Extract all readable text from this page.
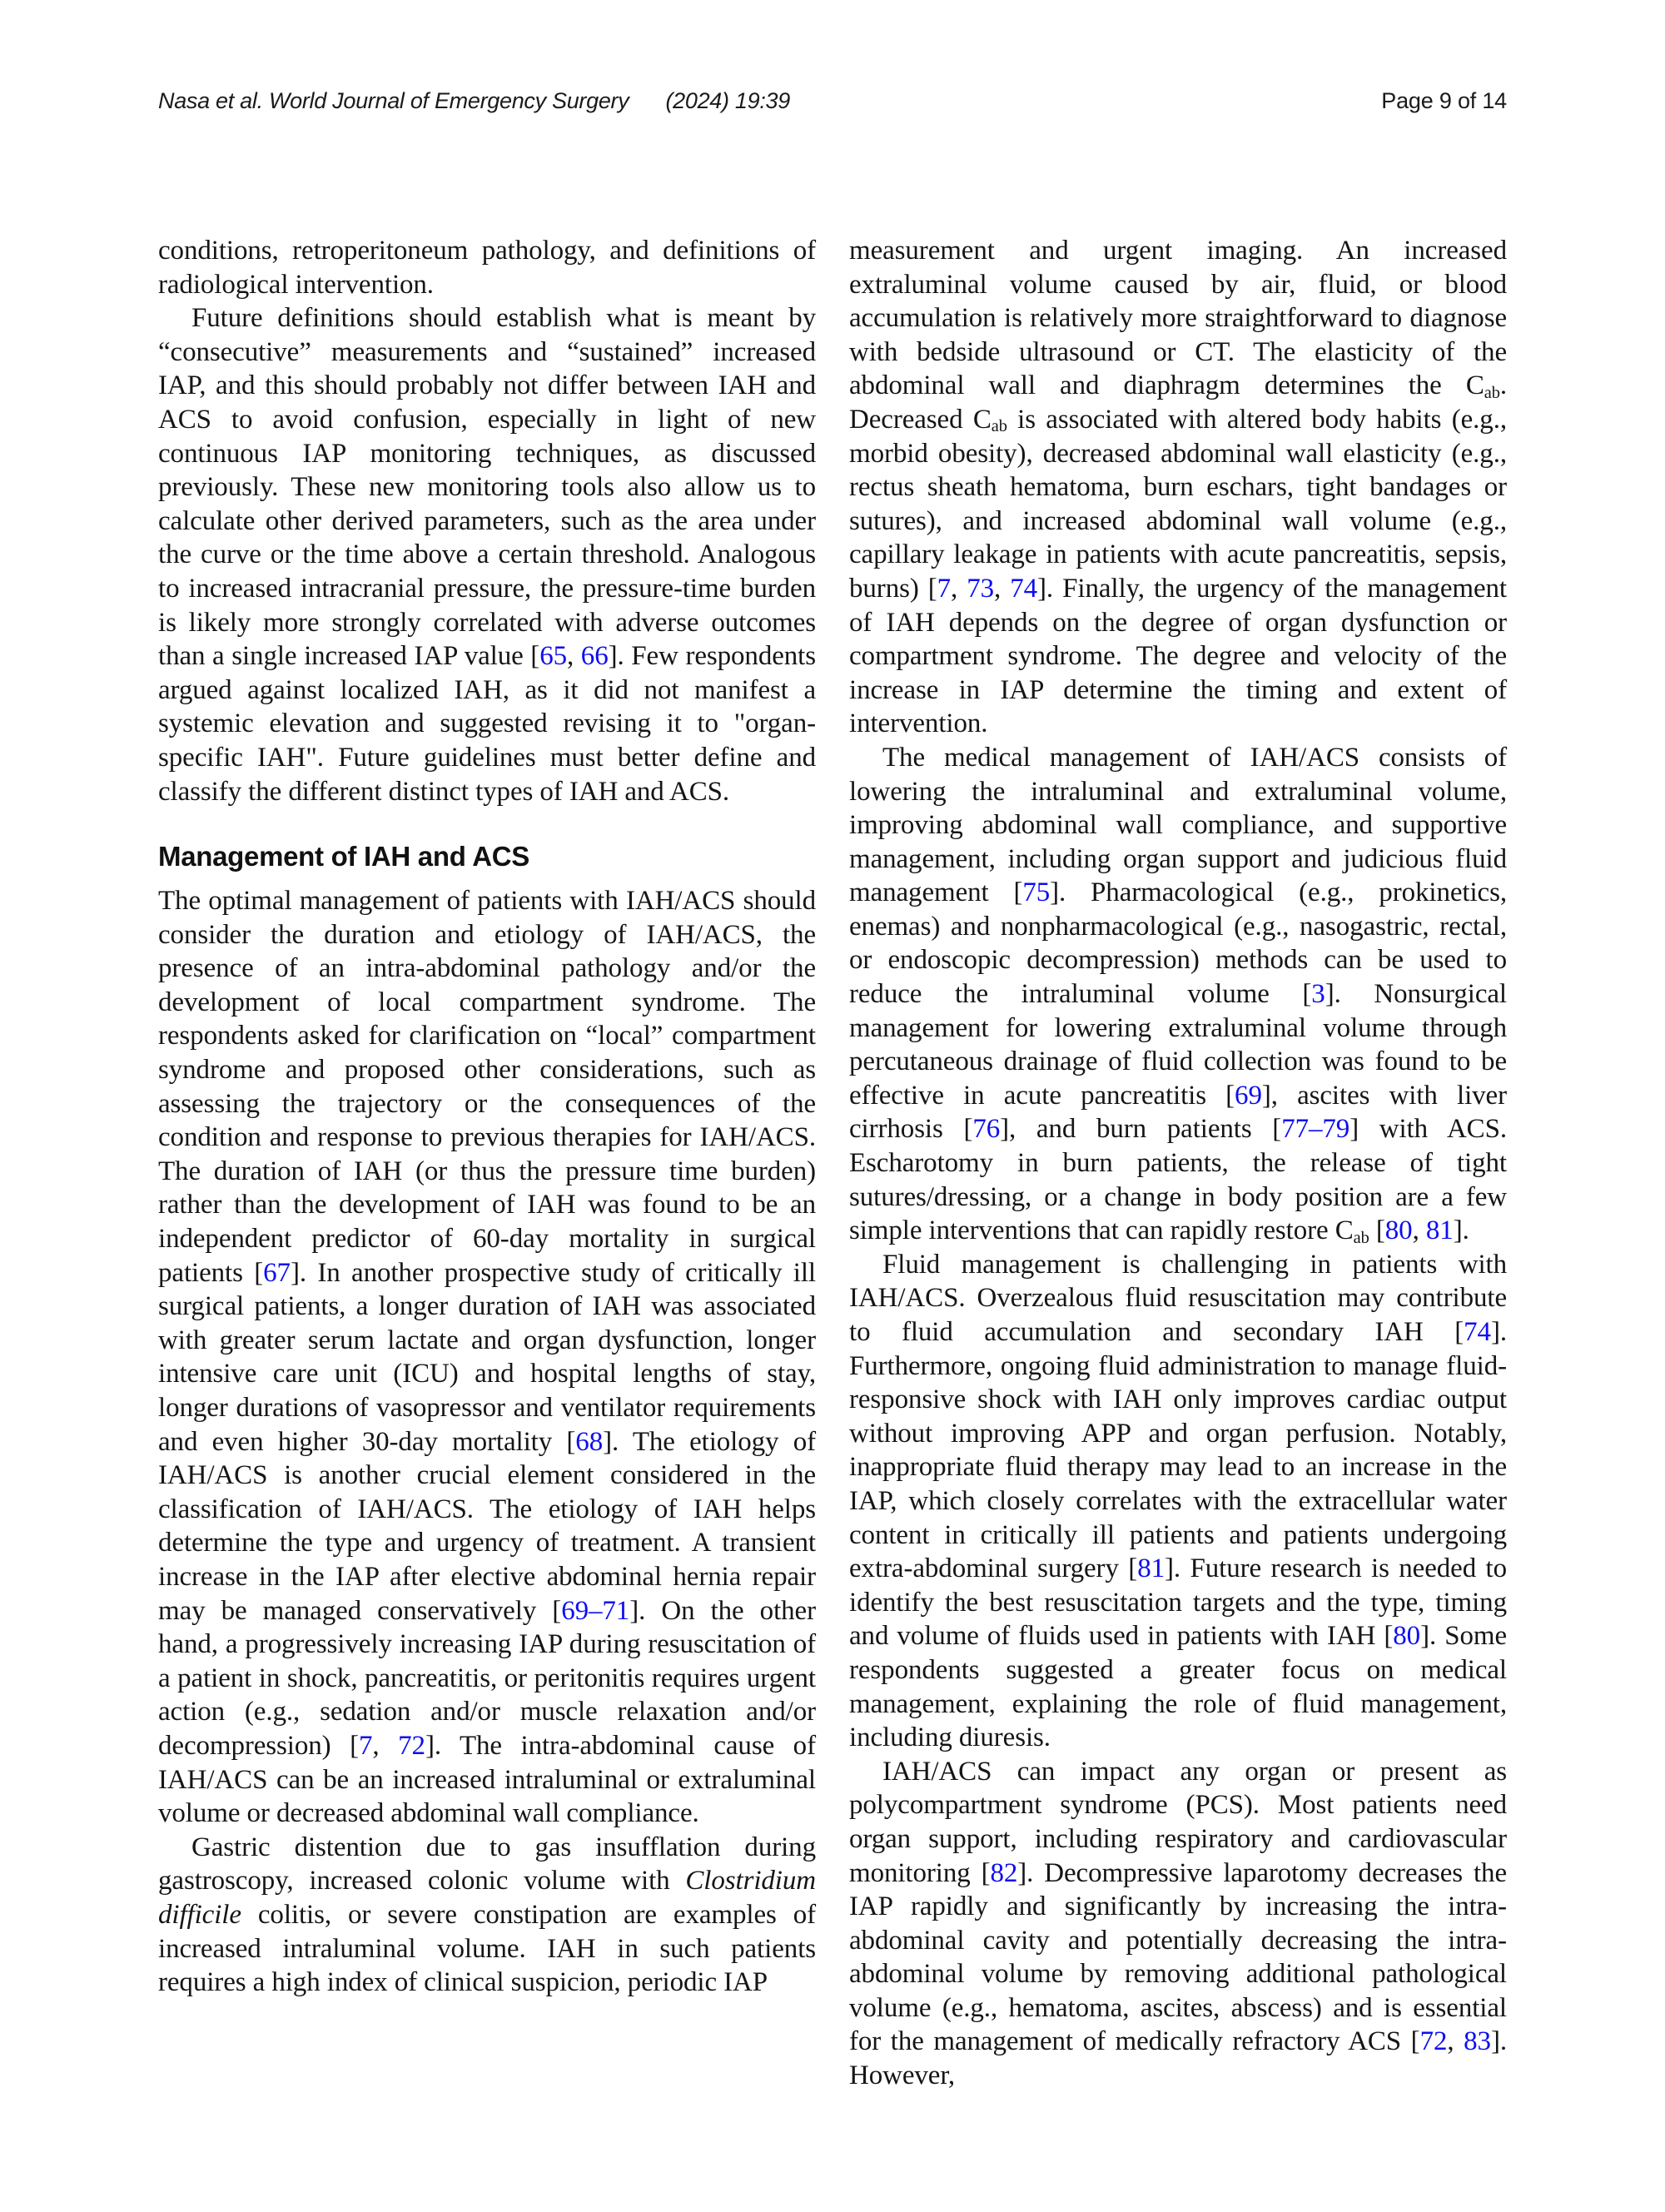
Nasa et al. World Journal of Emergency Surgery (2024) 19:39	Page 9 of 14

conditions, retroperitoneum pathology, and definitions of radiological intervention.

Future definitions should establish what is meant by “consecutive” measurements and “sustained” increased IAP, and this should probably not differ between IAH and ACS to avoid confusion, especially in light of new continuous IAP monitoring techniques, as discussed previously. These new monitoring tools also allow us to calculate other derived parameters, such as the area under the curve or the time above a certain threshold. Analogous to increased intracranial pressure, the pressure-time burden is likely more strongly correlated with adverse outcomes than a single increased IAP value [65, 66]. Few respondents argued against localized IAH, as it did not manifest a systemic elevation and suggested revising it to "organ-specific IAH". Future guidelines must better define and classify the different distinct types of IAH and ACS.

Management of IAH and ACS

The optimal management of patients with IAH/ACS should consider the duration and etiology of IAH/ACS, the presence of an intra-abdominal pathology and/or the development of local compartment syndrome. The respondents asked for clarification on “local” compartment syndrome and proposed other considerations, such as assessing the trajectory or the consequences of the condition and response to previous therapies for IAH/ACS. The duration of IAH (or thus the pressure time burden) rather than the development of IAH was found to be an independent predictor of 60-day mortality in surgical patients [67]. In another prospective study of critically ill surgical patients, a longer duration of IAH was associated with greater serum lactate and organ dysfunction, longer intensive care unit (ICU) and hospital lengths of stay, longer durations of vasopressor and ventilator requirements and even higher 30-day mortality [68]. The etiology of IAH/ACS is another crucial element considered in the classification of IAH/ACS. The etiology of IAH helps determine the type and urgency of treatment. A transient increase in the IAP after elective abdominal hernia repair may be managed conservatively [69–71]. On the other hand, a progressively increasing IAP during resuscitation of a patient in shock, pancreatitis, or peritonitis requires urgent action (e.g., sedation and/or muscle relaxation and/or decompression) [7, 72]. The intra-abdominal cause of IAH/ACS can be an increased intraluminal or extraluminal volume or decreased abdominal wall compliance.

Gastric distention due to gas insufflation during gastroscopy, increased colonic volume with Clostridium difficile colitis, or severe constipation are examples of increased intraluminal volume. IAH in such patients requires a high index of clinical suspicion, periodic IAP

measurement and urgent imaging. An increased extraluminal volume caused by air, fluid, or blood accumulation is relatively more straightforward to diagnose with bedside ultrasound or CT. The elasticity of the abdominal wall and diaphragm determines the $C_{ab}$. Decreased $C_{ab}$ is associated with altered body habits (e.g., morbid obesity), decreased abdominal wall elasticity (e.g., rectus sheath hematoma, burn eschars, tight bandages or sutures), and increased abdominal wall volume (e.g., capillary leakage in patients with acute pancreatitis, sepsis, burns) [7, 73, 74]. Finally, the urgency of the management of IAH depends on the degree of organ dysfunction or compartment syndrome. The degree and velocity of the increase in IAP determine the timing and extent of intervention.

The medical management of IAH/ACS consists of lowering the intraluminal and extraluminal volume, improving abdominal wall compliance, and supportive management, including organ support and judicious fluid management [75]. Pharmacological (e.g., prokinetics, enemas) and nonpharmacological (e.g., nasogastric, rectal, or endoscopic decompression) methods can be used to reduce the intraluminal volume [3]. Nonsurgical management for lowering extraluminal volume through percutaneous drainage of fluid collection was found to be effective in acute pancreatitis [69], ascites with liver cirrhosis [76], and burn patients [77–79] with ACS. Escharotomy in burn patients, the release of tight sutures/dressing, or a change in body position are a few simple interventions that can rapidly restore $C_{ab}$ [80, 81].

Fluid management is challenging in patients with IAH/ACS. Overzealous fluid resuscitation may contribute to fluid accumulation and secondary IAH [74]. Furthermore, ongoing fluid administration to manage fluid-responsive shock with IAH only improves cardiac output without improving APP and organ perfusion. Notably, inappropriate fluid therapy may lead to an increase in the IAP, which closely correlates with the extracellular water content in critically ill patients and patients undergoing extra-abdominal surgery [81]. Future research is needed to identify the best resuscitation targets and the type, timing and volume of fluids used in patients with IAH [80]. Some respondents suggested a greater focus on medical management, explaining the role of fluid management, including diuresis.

IAH/ACS can impact any organ or present as polycompartment syndrome (PCS). Most patients need organ support, including respiratory and cardiovascular monitoring [82]. Decompressive laparotomy decreases the IAP rapidly and significantly by increasing the intra-abdominal cavity and potentially decreasing the intra-abdominal volume by removing additional pathological volume (e.g., hematoma, ascites, abscess) and is essential for the management of medically refractory ACS [72, 83]. However,
